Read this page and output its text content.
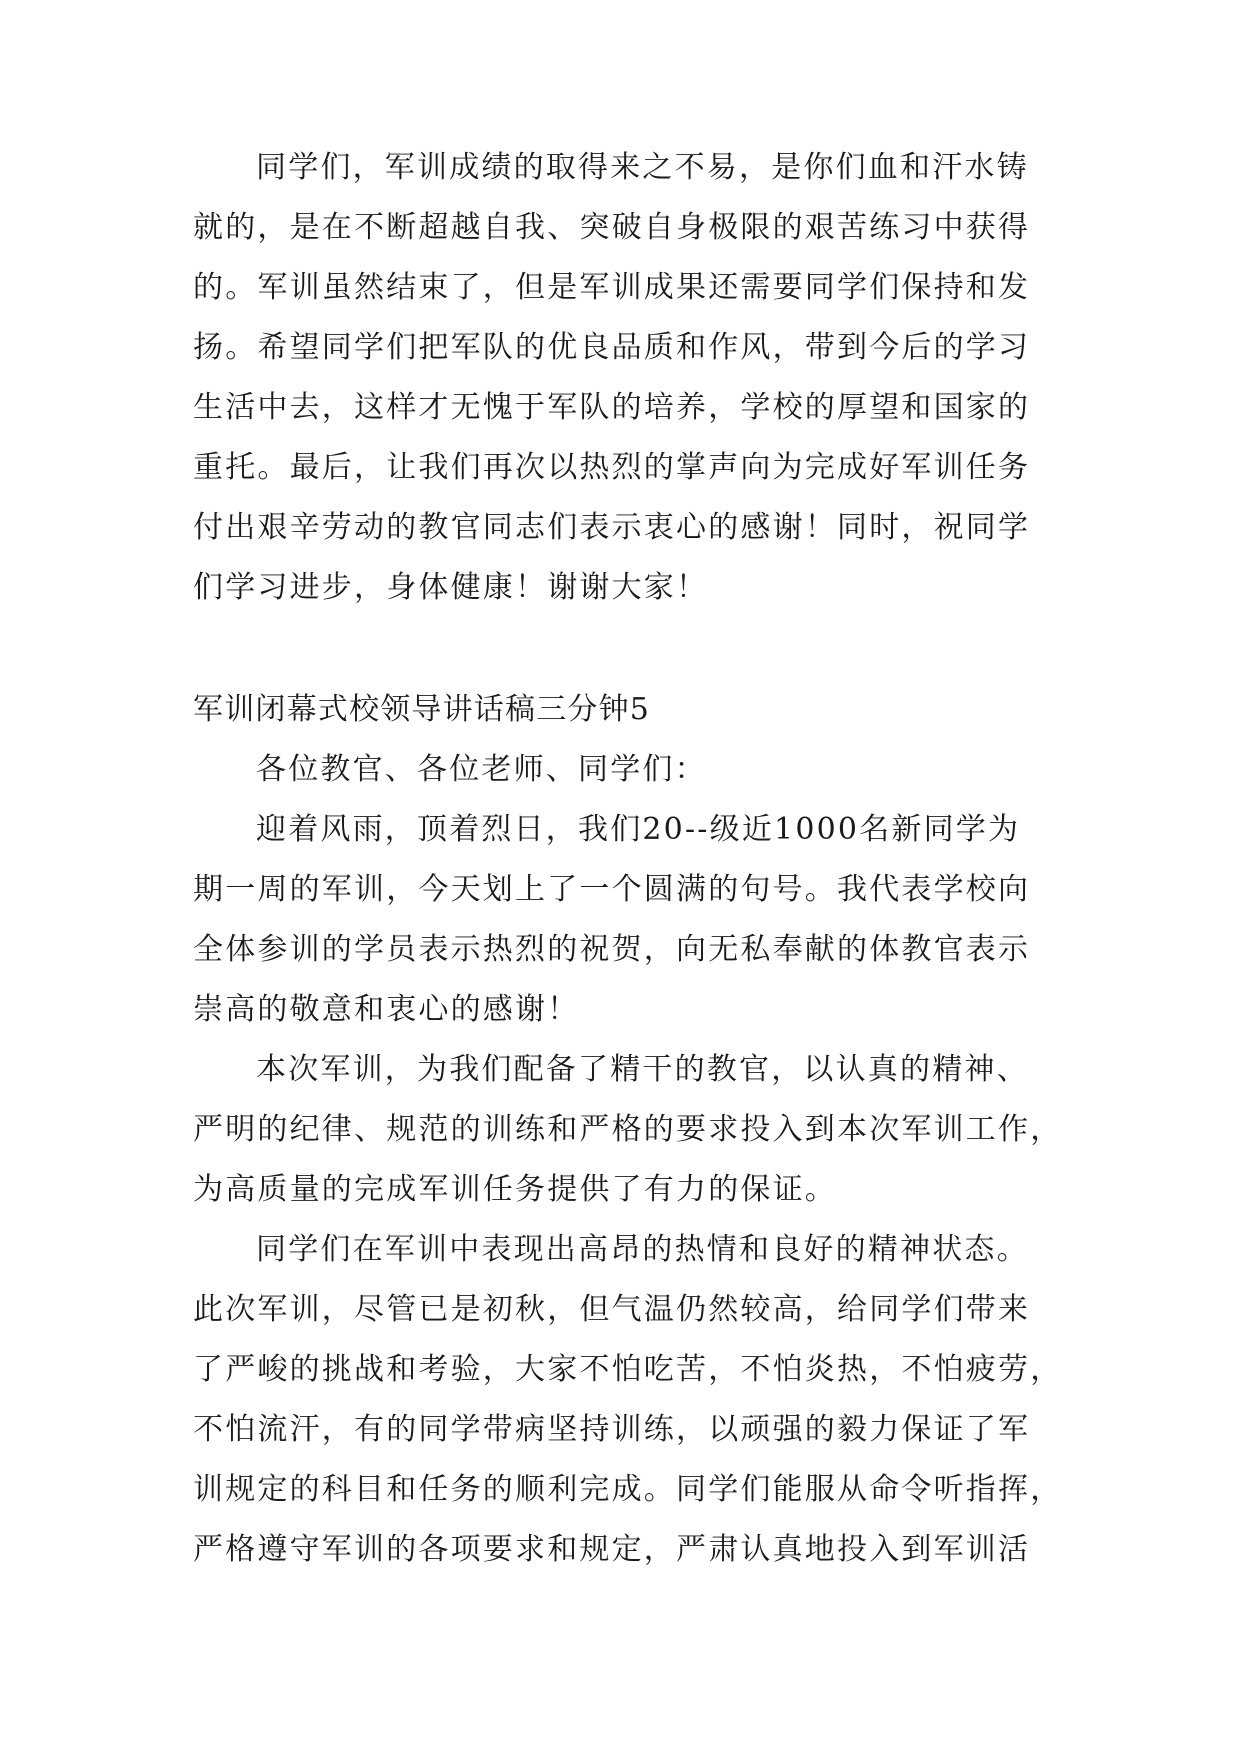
同学们，军训成绩的取得来之不易，是你们血和汗水铸
就的，是在不断超越自我、突破自身极限的艰苦练习中获得
的。军训虽然结束了，但是军训成果还需要同学们保持和发
扬。希望同学们把军队的优良品质和作风，带到今后的学习
生活中去，这样才无愧于军队的培养，学校的厚望和国家的
重托。最后，让我们再次以热烈的掌声向为完成好军训任务
付出艰辛劳动的教官同志们表示衷心的感谢！同时，祝同学
们学习进步，身体健康！谢谢大家！
军训闭幕式校领导讲话稿三分钟5
各位教官、各位老师、同学们：
迎着风雨，顶着烈日，我们20--级近1000名新同学为
期一周的军训，今天划上了一个圆满的句号。我代表学校向
全体参训的学员表示热烈的祝贺，向无私奉献的体教官表示
崇高的敬意和衷心的感谢！
本次军训，为我们配备了精干的教官，以认真的精神、
严明的纪律、规范的训练和严格的要求投入到本次军训工作，
为高质量的完成军训任务提供了有力的保证。
同学们在军训中表现出高昂的热情和良好的精神状态。
此次军训，尽管已是初秋，但气温仍然较高，给同学们带来
了严峻的挑战和考验，大家不怕吃苦，不怕炎热，不怕疲劳，
不怕流汗，有的同学带病坚持训练，以顽强的毅力保证了军
训规定的科目和任务的顺利完成。同学们能服从命令听指挥，
严格遵守军训的各项要求和规定，严肃认真地投入到军训活
